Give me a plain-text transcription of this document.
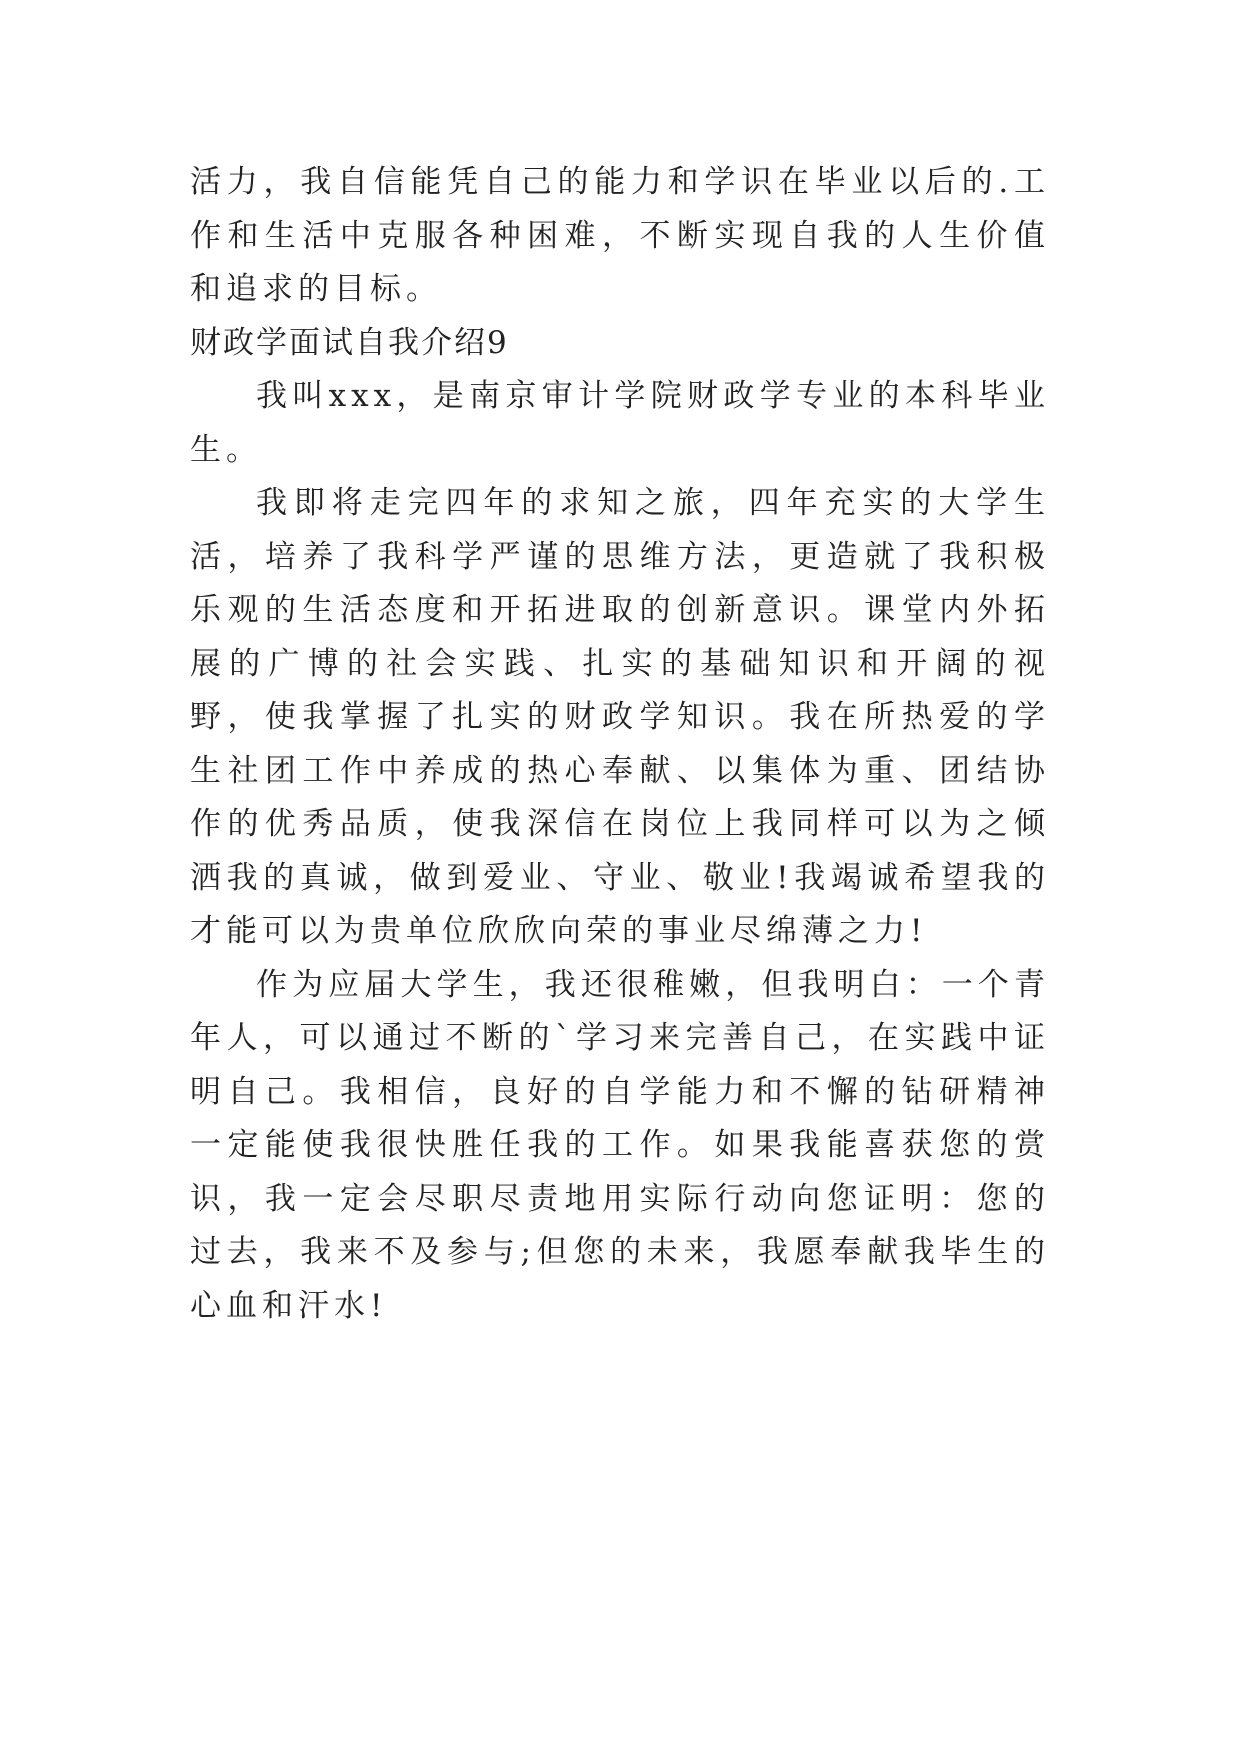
活力，我自信能凭自己的能力和学识在毕业以后的.工作和生活中克服各种困难，不断实现自我的人生价值和追求的目标。

财政学面试自我介绍9

我叫xxx，是南京审计学院财政学专业的本科毕业生。

我即将走完四年的求知之旅，四年充实的大学生活，培养了我科学严谨的思维方法，更造就了我积极乐观的生活态度和开拓进取的创新意识。课堂内外拓展的广博的社会实践、扎实的基础知识和开阔的视野，使我掌握了扎实的财政学知识。我在所热爱的学生社团工作中养成的热心奉献、以集体为重、团结协作的优秀品质，使我深信在岗位上我同样可以为之倾洒我的真诚，做到爱业、守业、敬业!我竭诚希望我的才能可以为贵单位欣欣向荣的事业尽绵薄之力!

作为应届大学生，我还很稚嫩，但我明白：一个青年人，可以通过不断的`学习来完善自己，在实践中证明自己。我相信，良好的自学能力和不懈的钻研精神一定能使我很快胜任我的工作。如果我能喜获您的赏识，我一定会尽职尽责地用实际行动向您证明：您的过去，我来不及参与;但您的未来，我愿奉献我毕生的心血和汗水!
